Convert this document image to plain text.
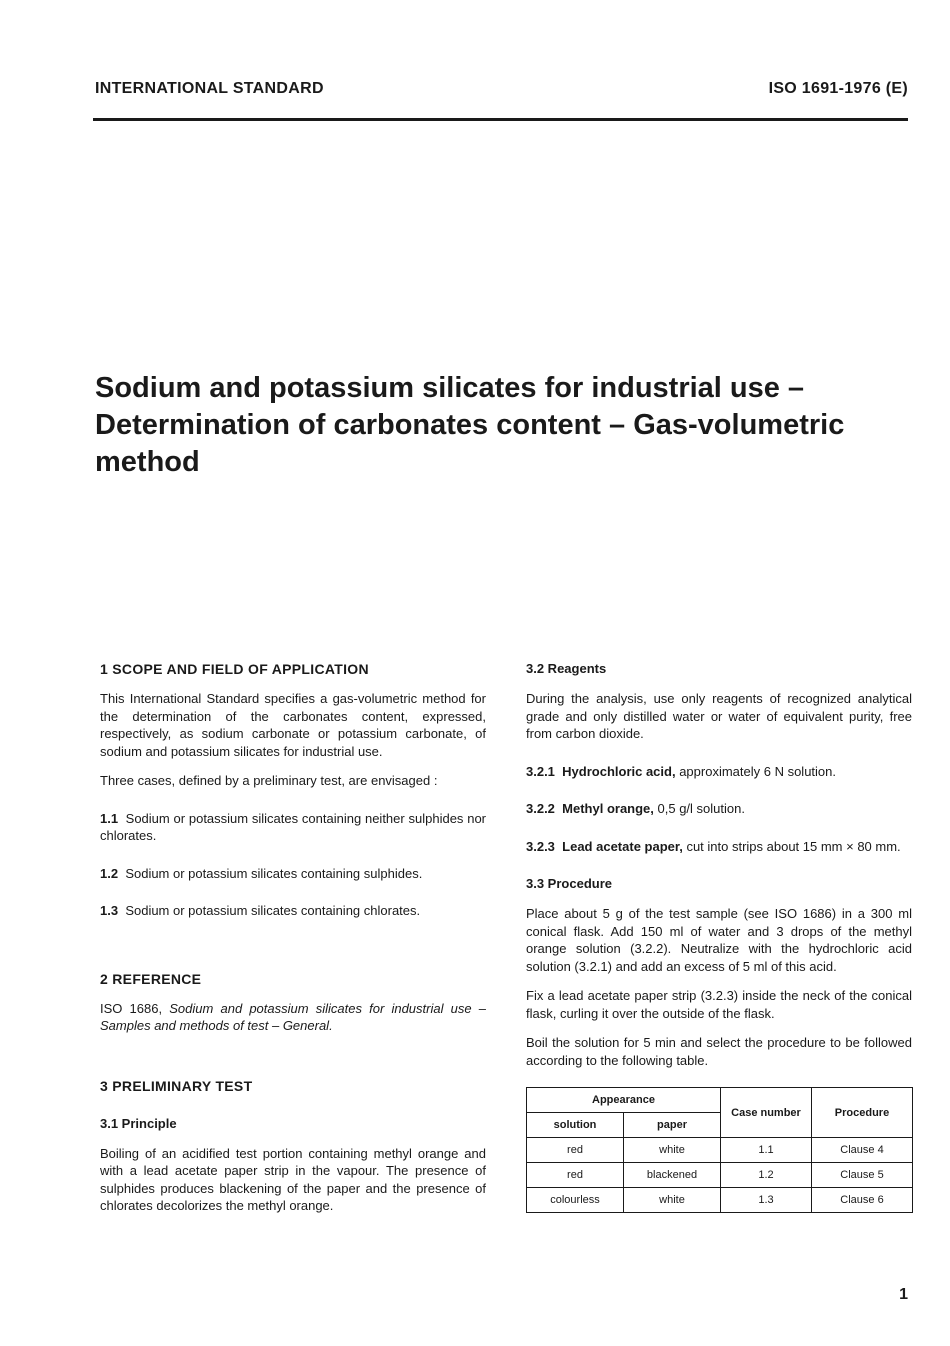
INTERNATIONAL STANDARD	ISO 1691-1976 (E)
Sodium and potassium silicates for industrial use –
Determination of carbonates content – Gas-volumetric
method
1 SCOPE AND FIELD OF APPLICATION

This International Standard specifies a gas-volumetric method for the determination of the carbonates content, expressed, respectively, as sodium carbonate or potassium carbonate, of sodium and potassium silicates for industrial use.

Three cases, defined by a preliminary test, are envisaged :

1.1 Sodium or potassium silicates containing neither sulphides nor chlorates.

1.2 Sodium or potassium silicates containing sulphides.

1.3 Sodium or potassium silicates containing chlorates.

2 REFERENCE

ISO 1686, Sodium and potassium silicates for industrial use – Samples and methods of test – General.

3 PRELIMINARY TEST
3.1 Principle

Boiling of an acidified test portion containing methyl orange and with a lead acetate paper strip in the vapour. The presence of sulphides produces blackening of the paper and the presence of chlorates decolorizes the methyl orange.

3.2 Reagents

During the analysis, use only reagents of recognized analytical grade and only distilled water or water of equivalent purity, free from carbon dioxide.

3.2.1 Hydrochloric acid, approximately 6 N solution.

3.2.2 Methyl orange, 0,5 g/l solution.

3.2.3 Lead acetate paper, cut into strips about 15 mm × 80 mm.

3.3 Procedure

Place about 5 g of the test sample (see ISO 1686) in a 300 ml conical flask. Add 150 ml of water and 3 drops of the methyl orange solution (3.2.2). Neutralize with the hydrochloric acid solution (3.2.1) and add an excess of 5 ml of this acid.

Fix a lead acetate paper strip (3.2.3) inside the neck of the conical flask, curling it over the outside of the flask.

Boil the solution for 5 min and select the procedure to be followed according to the following table.

Appearance		Case number	Procedure
solution	paper		
red	white	1.1	Clause 4
red	blackened	1.2	Clause 5
colourless	white	1.3	Clause 6
1
